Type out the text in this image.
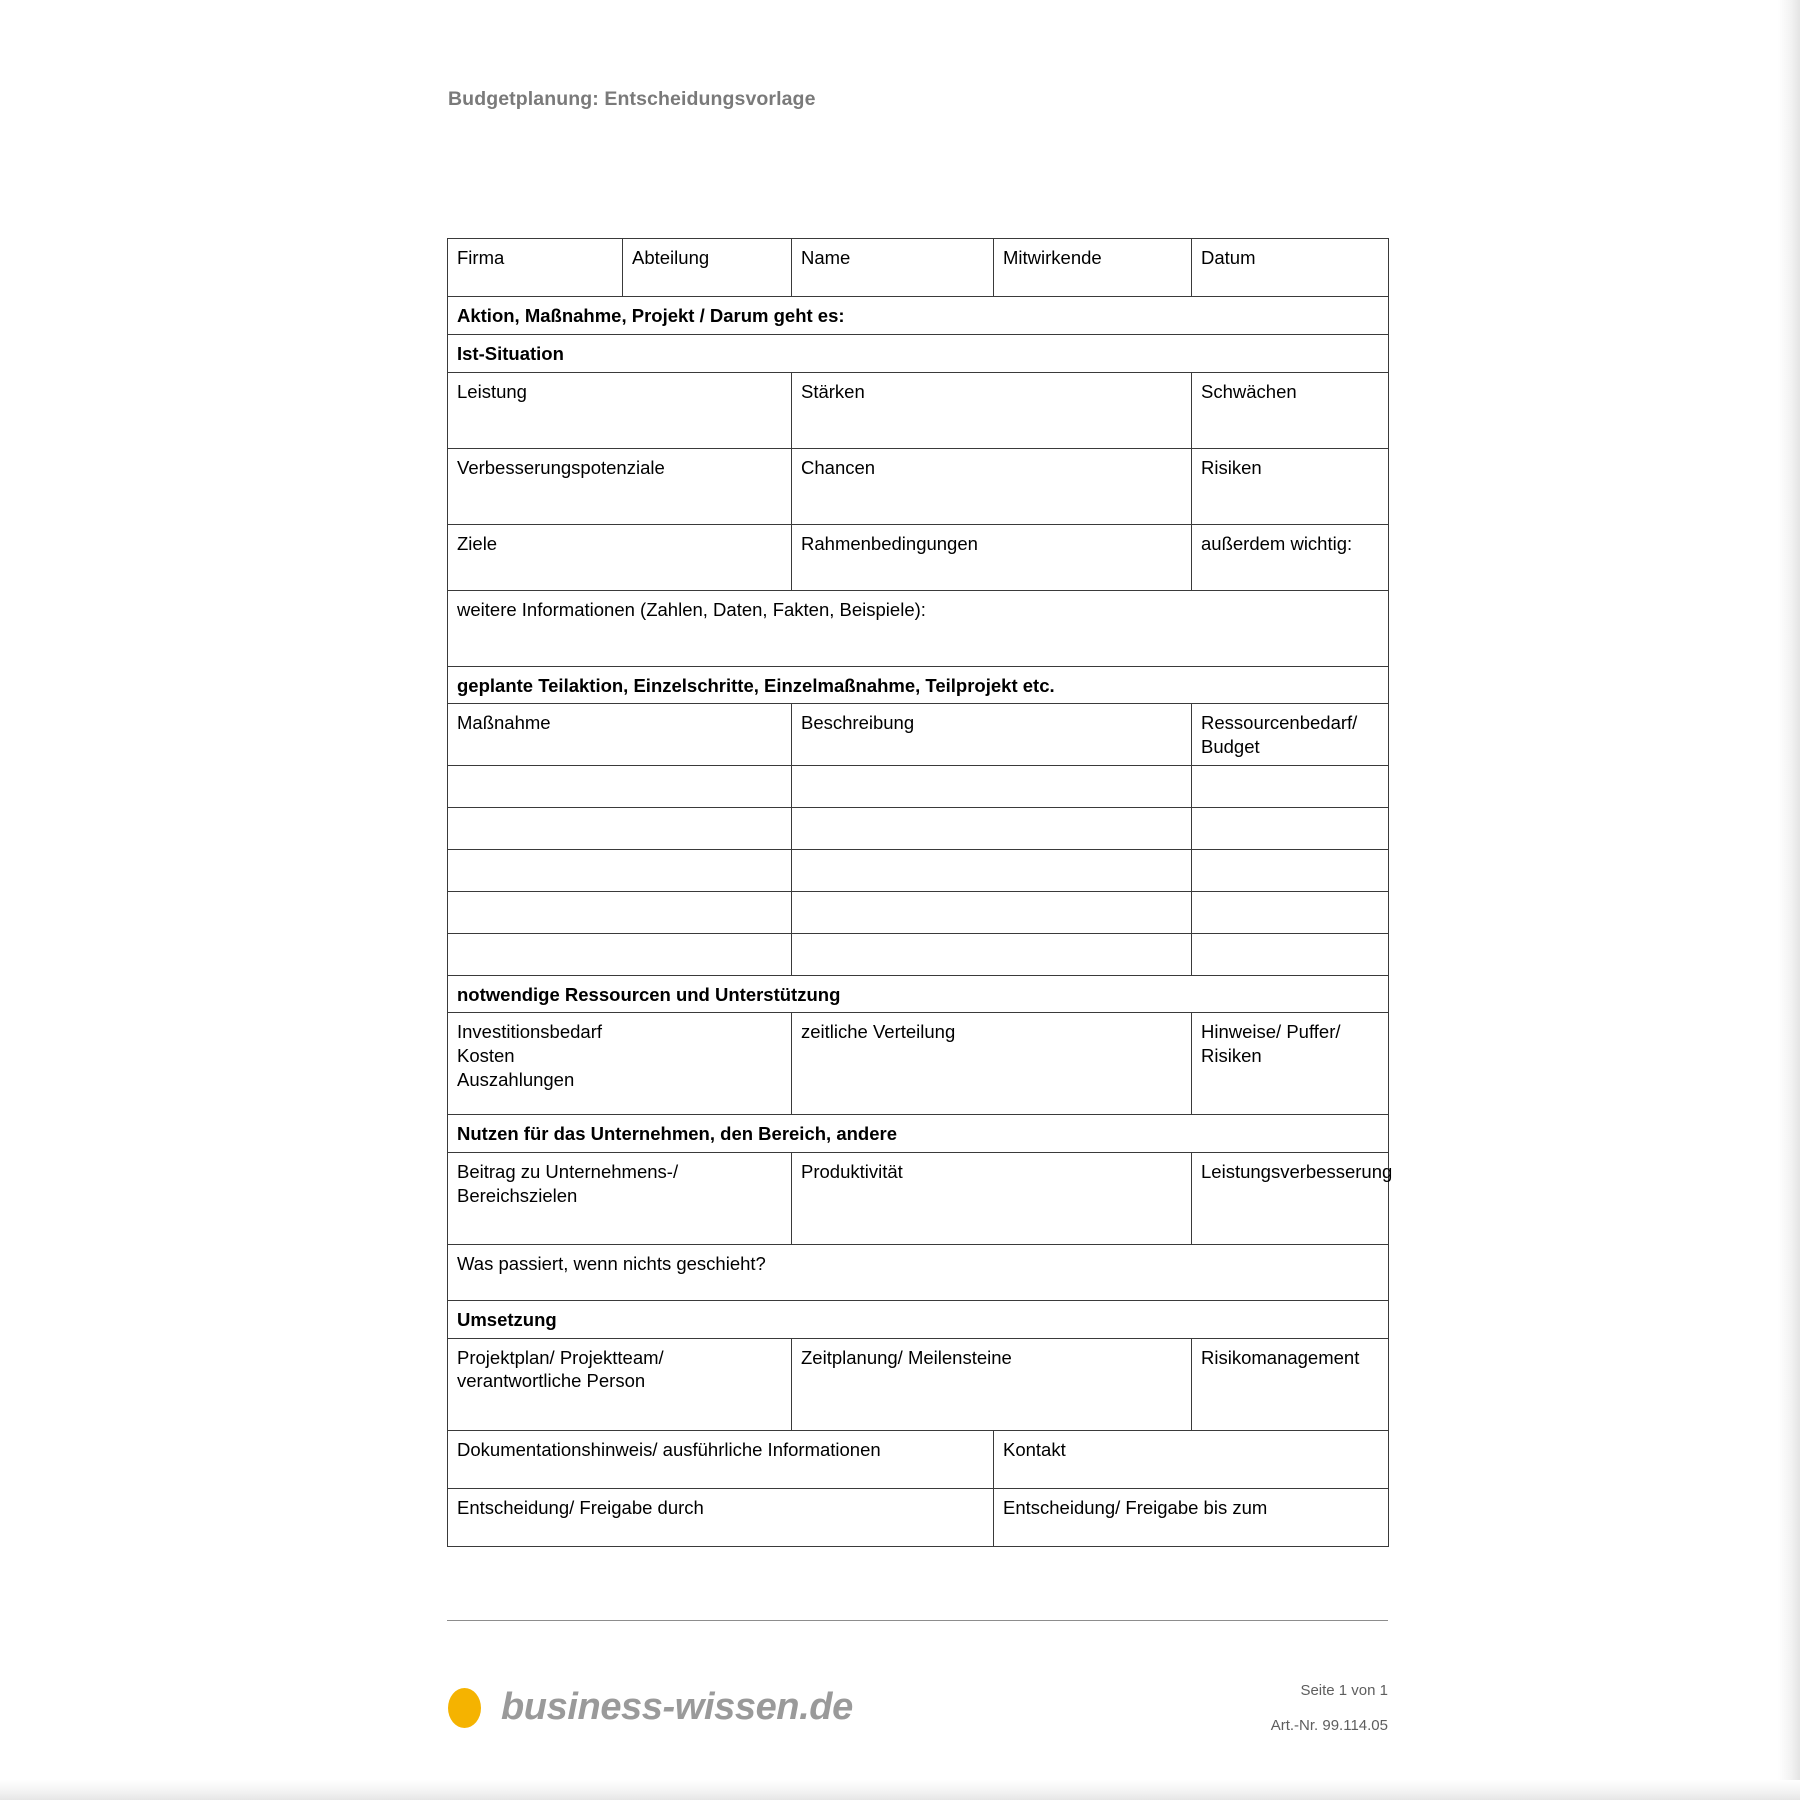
Budgetplanung: Entscheidungsvorlage
Firma	Abteilung	Name	Mitwirkende	Datum
Aktion, Maßnahme, Projekt / Darum geht es:				
Ist-Situation				
Leistung		Stärken		Schwächen
Verbesserungspotenziale		Chancen		Risiken
Ziele		Rahmenbedingungen		außerdem wichtig:
weitere Informationen (Zahlen, Daten, Fakten, Beispiele):				
geplante Teilaktion, Einzelschritte, Einzelmaßnahme, Teilprojekt etc.				
Maßnahme		Beschreibung		Ressourcenbedarf/ Budget

notwendige Ressourcen und Unterstützung				

Investitionsbedarf
Kosten
Auszahlungen		zeitliche Verteilung		Hinweise/ Puffer/ Risiken
Nutzen für das Unternehmen, den Bereich, andere				

Beitrag zu Unternehmens-/
Bereichszielen		Produktivität		Leistungsverbesserung
Was passiert, wenn nichts geschieht?				
Umsetzung				

Projektplan/ Projektteam/
verantwortliche Person		Zeitplanung/ Meilensteine		Risikomanagement
Dokumentationshinweis/ ausführliche Informationen			Kontakt	
Entscheidung/ Freigabe durch			Entscheidung/ Freigabe bis zum	
business-wissen.de	Seite 1 von 1
Art.-Nr. 99.114.05
